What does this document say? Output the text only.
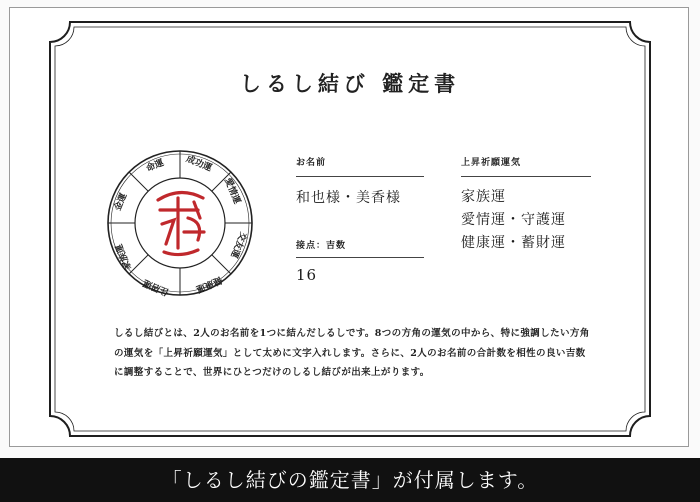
しるし結び 鑑定書
成功運
愛情運
交友運
健康運
住居運
家族運
金運
命運	お名前
和也様・美香様
接点：吉数
16
上昇祈願運気
家族運
愛情運・守護運
健康運・蓄財運
しるし結びとは、2人のお名前を1つに結んだしるしです。8つの方角の運気の中から、特に強調したい方角の運気を「上昇祈願運気」として太めに文字入れします。さらに、2人のお名前の合計数を相性の良い吉数に調整することで、世界にひとつだけのしるし結びが出来上がります。
「しるし結びの鑑定書」が付属します。
